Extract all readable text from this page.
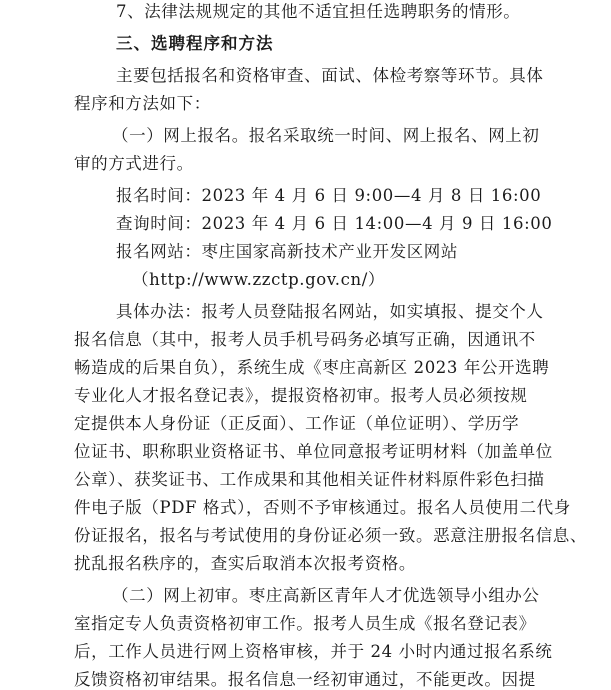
7、法律法规规定的其他不适宜担任选聘职务的情形。
三、选聘程序和方法
主要包括报名和资格审查、面试、体检考察等环节。具体
程序和方法如下：
（一）网上报名。报名采取统一时间、网上报名、网上初
审的方式进行。
报名时间：2023 年 4 月 6 日 9:00—4 月 8 日 16:00
查询时间：2023 年 4 月 6 日 14:00—4 月 9 日 16:00
报名网站：枣庄国家高新技术产业开发区网站
（http://www.zzctp.gov.cn/）
具体办法：报考人员登陆报名网站，如实填报、提交个人
报名信息（其中，报考人员手机号码务必填写正确，因通讯不
畅造成的后果自负），系统生成《枣庄高新区 2023 年公开选聘
专业化人才报名登记表》，提报资格初审。报考人员必须按规
定提供本人身份证（正反面）、工作证（单位证明）、学历学
位证书、职称职业资格证书、单位同意报考证明材料（加盖单位
公章）、获奖证书、工作成果和其他相关证件材料原件彩色扫描
件电子版（PDF 格式），否则不予审核通过。报名人员使用二代身
份证报名，报名与考试使用的身份证必须一致。恶意注册报名信息、
扰乱报名秩序的，查实后取消本次报考资格。
（二）网上初审。枣庄高新区青年人才优选领导小组办公
室指定专人负责资格初审工作。报考人员生成《报名登记表》
后，工作人员进行网上资格审核，并于 24 小时内通过报名系统
反馈资格初审结果。报名信息一经初审通过，不能更改。因提
